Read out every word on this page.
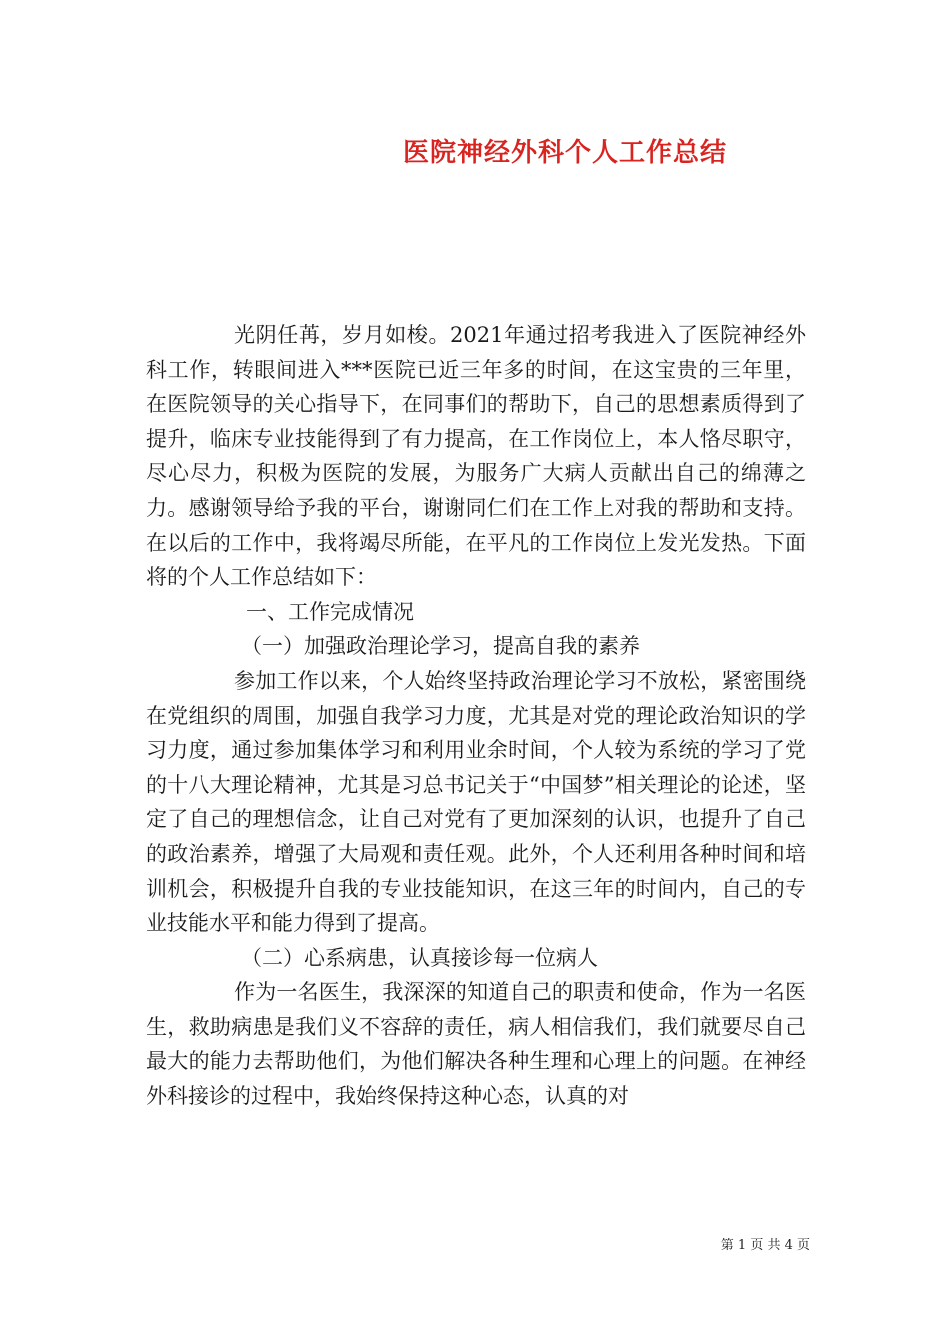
医院神经外科个人工作总结

光阴任苒，岁月如梭。2021年通过招考我进入了医院神经外科工作，转眼间进入***医院已近三年多的时间，在这宝贵的三年里，在医院领导的关心指导下，在同事们的帮助下，自己的思想素质得到了提升，临床专业技能得到了有力提高，在工作岗位上，本人恪尽职守，尽心尽力，积极为医院的发展，为服务广大病人贡献出自己的绵薄之力。感谢领导给予我的平台，谢谢同仁们在工作上对我的帮助和支持。在以后的工作中，我将竭尽所能，在平凡的工作岗位上发光发热。下面将的个人工作总结如下：

一、工作完成情况

（一）加强政治理论学习，提高自我的素养

参加工作以来，个人始终坚持政治理论学习不放松，紧密围绕在党组织的周围，加强自我学习力度，尤其是对党的理论政治知识的学习力度，通过参加集体学习和利用业余时间，个人较为系统的学习了党的十八大理论精神，尤其是习总书记关于“中国梦”相关理论的论述，坚定了自己的理想信念，让自己对党有了更加深刻的认识，也提升了自己的政治素养，增强了大局观和责任观。此外，个人还利用各种时间和培训机会，积极提升自我的专业技能知识，在这三年的时间内，自己的专业技能水平和能力得到了提高。

（二）心系病患，认真接诊每一位病人

作为一名医生，我深深的知道自己的职责和使命，作为一名医生，救助病患是我们义不容辞的责任，病人相信我们，我们就要尽自己最大的能力去帮助他们，为他们解决各种生理和心理上的问题。在神经外科接诊的过程中，我始终保持这种心态，认真的对

第 1 页 共 4 页
